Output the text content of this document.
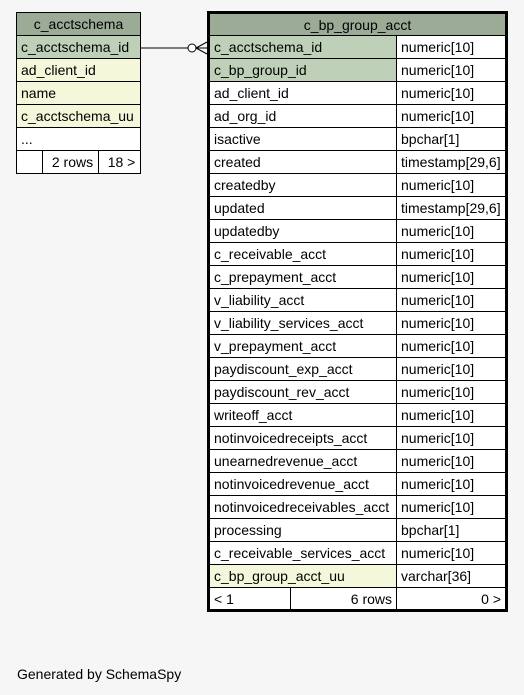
c_acctschema
c_acctschema_id
ad_client_id
name
c_acctschema_uu
...
	2 rows	18 >
c_bp_group_acct		
c_acctschema_id		numeric[10]
c_bp_group_id		numeric[10]
ad_client_id		numeric[10]
ad_org_id		numeric[10]
isactive		bpchar[1]
created		timestamp[29,6]
createdby		numeric[10]
updated		timestamp[29,6]
updatedby		numeric[10]
c_receivable_acct		numeric[10]
c_prepayment_acct		numeric[10]
v_liability_acct		numeric[10]
v_liability_services_acct		numeric[10]
v_prepayment_acct		numeric[10]
paydiscount_exp_acct		numeric[10]
paydiscount_rev_acct		numeric[10]
writeoff_acct		numeric[10]
notinvoicedreceipts_acct		numeric[10]
unearnedrevenue_acct		numeric[10]
notinvoicedrevenue_acct		numeric[10]
notinvoicedreceivables_acct		numeric[10]
processing		bpchar[1]
c_receivable_services_acct		numeric[10]
c_bp_group_acct_uu		varchar[36]
< 1	6 rows	0 >
Generated by SchemaSpy
